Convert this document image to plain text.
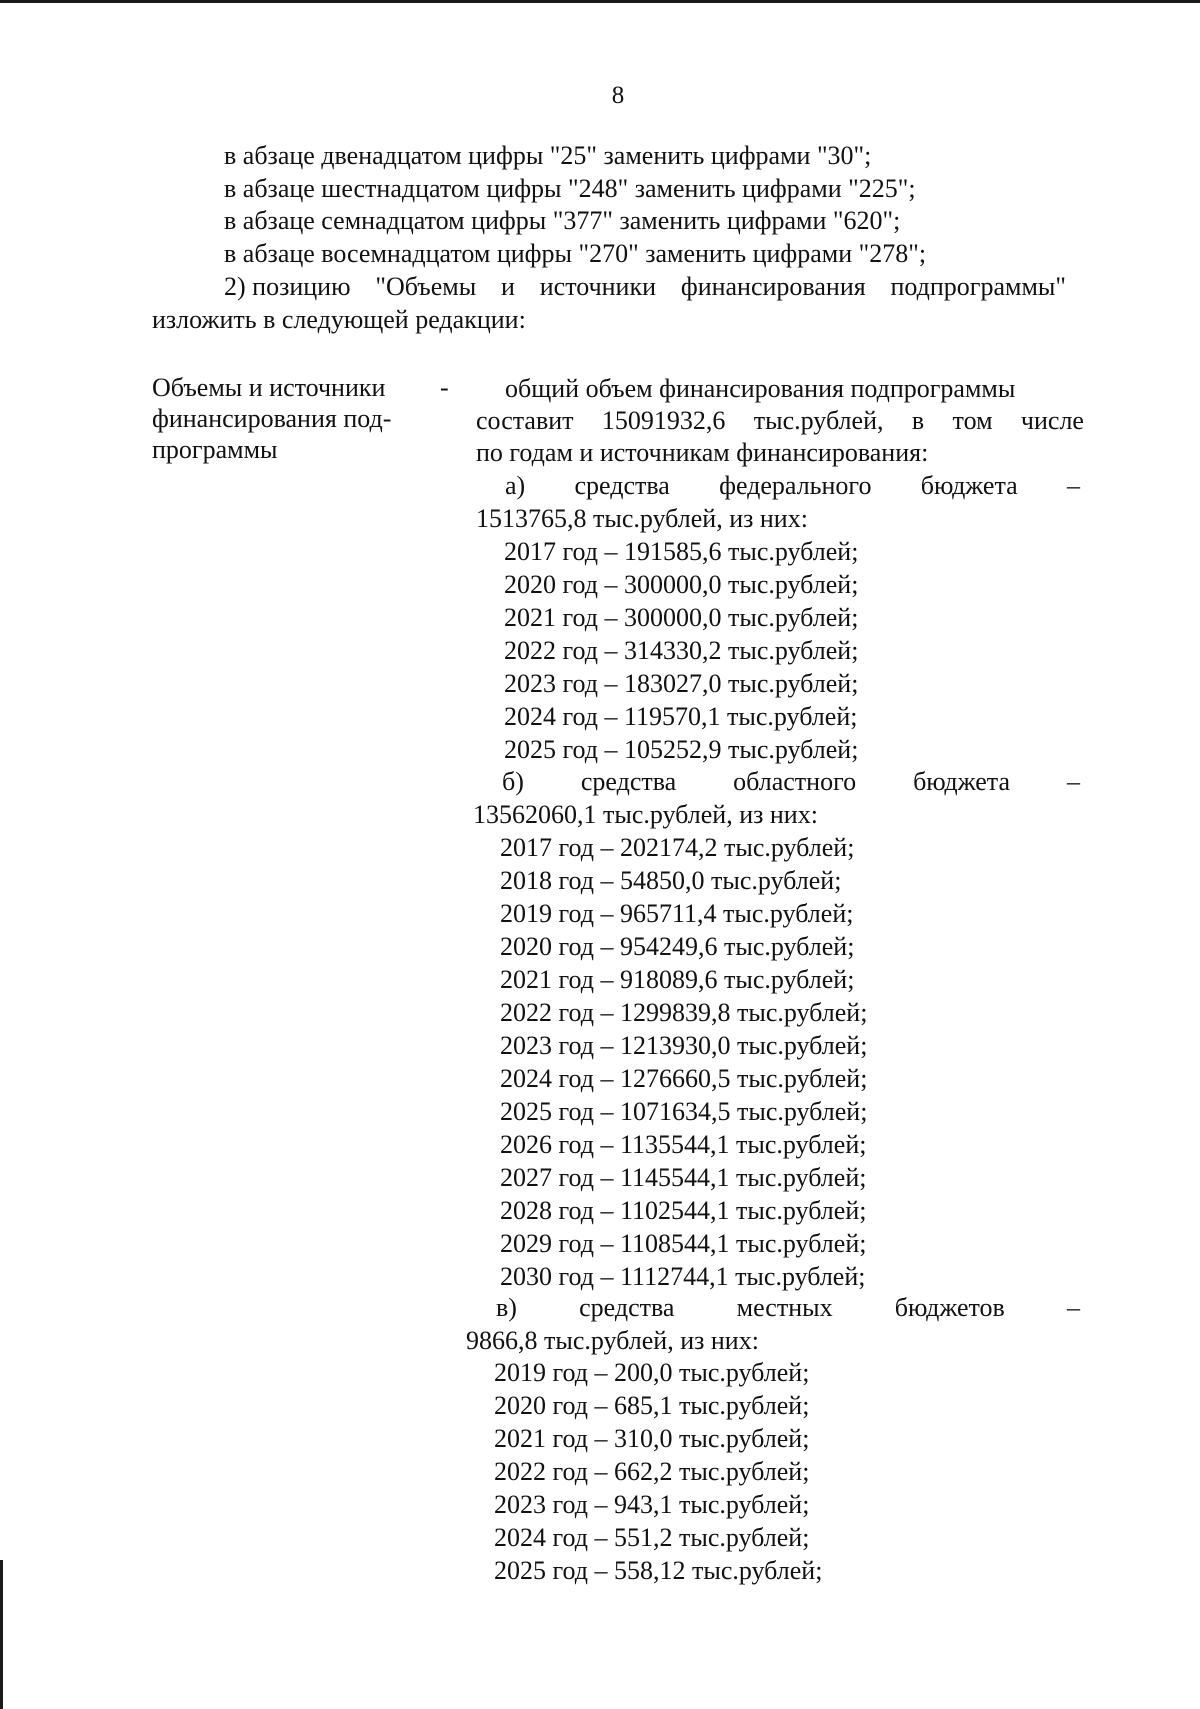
8
в абзаце двенадцатом цифры "25" заменить цифрами "30";
в абзаце шестнадцатом цифры "248" заменить цифрами "225";
в абзаце семнадцатом цифры "377" заменить цифрами "620";
в абзаце восемнадцатом цифры "270" заменить цифрами "278";
2) позицию "Объемы и источники финансирования подпрограммы"
изложить в следующей редакции:
Объемы и источники
финансирования под-
программы
- общий объем финансирования подпрограммы
составит 15091932,6 тыс.рублей, в том числе
по годам и источникам финансирования:
а) средства федерального бюджета –
1513765,8 тыс.рублей, из них:
2017 год – 191585,6 тыс.рублей;
2020 год – 300000,0 тыс.рублей;
2021 год – 300000,0 тыс.рублей;
2022 год – 314330,2 тыс.рублей;
2023 год – 183027,0 тыс.рублей;
2024 год – 119570,1 тыс.рублей;
2025 год – 105252,9 тыс.рублей;
б) средства областного бюджета –
13562060,1 тыс.рублей, из них:
2017 год – 202174,2 тыс.рублей;
2018 год – 54850,0 тыс.рублей;
2019 год – 965711,4 тыс.рублей;
2020 год – 954249,6 тыс.рублей;
2021 год – 918089,6 тыс.рублей;
2022 год – 1299839,8 тыс.рублей;
2023 год – 1213930,0 тыс.рублей;
2024 год – 1276660,5 тыс.рублей;
2025 год – 1071634,5 тыс.рублей;
2026 год – 1135544,1 тыс.рублей;
2027 год – 1145544,1 тыс.рублей;
2028 год – 1102544,1 тыс.рублей;
2029 год – 1108544,1 тыс.рублей;
2030 год – 1112744,1 тыс.рублей;
в) средства местных бюджетов –
9866,8 тыс.рублей, из них:
2019 год – 200,0 тыс.рублей;
2020 год – 685,1 тыс.рублей;
2021 год – 310,0 тыс.рублей;
2022 год – 662,2 тыс.рублей;
2023 год – 943,1 тыс.рублей;
2024 год – 551,2 тыс.рублей;
2025 год – 558,12 тыс.рублей;
